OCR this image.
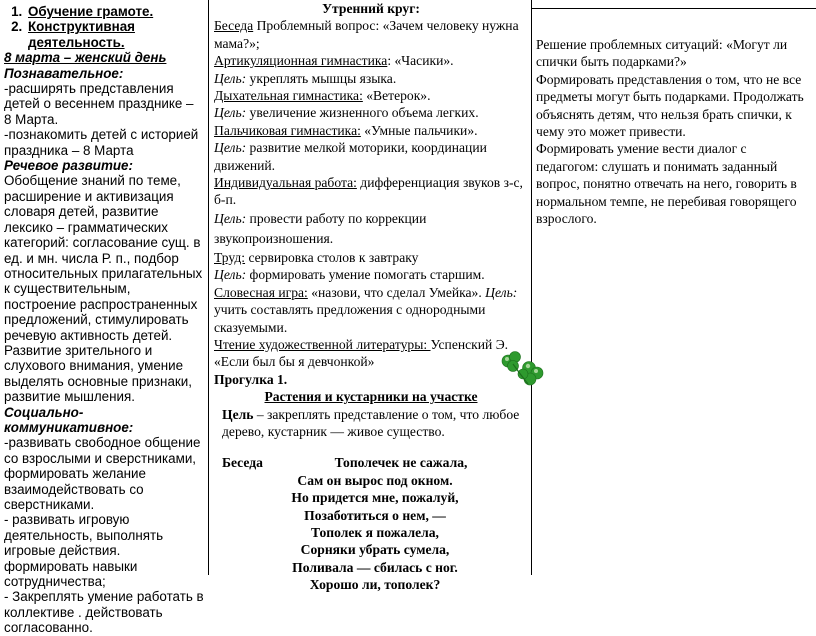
1. Обучение грамоте.
2. Конструктивная деятельность.
8 марта – женский день
Познавательное:
-расширять представления детей о весеннем празднике – 8 Марта.
-познакомить детей с историей праздника – 8 Марта
Речевое развитие:
Обобщение знаний по теме, расширение и активизация словаря детей, развитие лексико – грамматических категорий: согласование сущ. в ед. и мн. числа Р. п., подбор относительных прилагательных к существительным, построение распространенных предложений, стимулировать речевую активность детей. Развитие зрительного и слухового внимания, умение выделять основные признаки, развитие мышления.
Социально-коммуникативное:
-развивать свободное общение со взрослыми и сверстниками, формировать желание взаимодействовать со сверстниками.
- развивать игровую деятельность, выполнять игровые действия.
формировать навыки сотрудничества;
- Закреплять умение работать в коллективе . действовать согласованно.
Утренний круг:

Беседа Проблемный вопрос: «Зачем человеку нужна мама?»;

Артикуляционная гимнастика: «Часики».

Цель: укреплять мышцы языка.

Дыхательная гимнастика: «Ветерок».

Цель: увеличение жизненного объема легких.

Пальчиковая гимнастика: «Умные пальчики».

Цель: развитие мелкой моторики, координации движений.

Индивидуальная работа: дифференциация звуков з-с, б-п.

Цель: провести работу по коррекции звукопроизношения.

Труд: сервировка столов к завтраку

Цель: формировать умение помогать старшим.

Словесная игра: «назови, что сделал Умейка». Цель: учить составлять предложения с однородными сказуемыми.

Чтение художественной литературы: Успенский Э. «Если был бы я девчонкой»

Прогулка 1.
Растения и кустарники на участке

Цель – закреплять представление о том, что любое дерево, кустарник — живое существо.

Беседа	Тополечек не сажала,
Сам он вырос под окном.
Но придется мне, пожалуй,
Позаботиться о нем, —
Тополек я пожалела,
Сорняки убрать сумела,
Поливала — сбилась с ног.
Хорошо ли, тополек?

Решение проблемных ситуаций: «Могут ли спички быть подарками?»

Формировать представления о том, что не все предметы могут быть подарками. Продолжать объяснять детям, что нельзя брать спички, к чему это может привести.

Формировать умение вести диалог с педагогом: слушать и понимать заданный вопрос, понятно отвечать на него, говорить в нормальном темпе, не перебивая говорящего взрослого.
